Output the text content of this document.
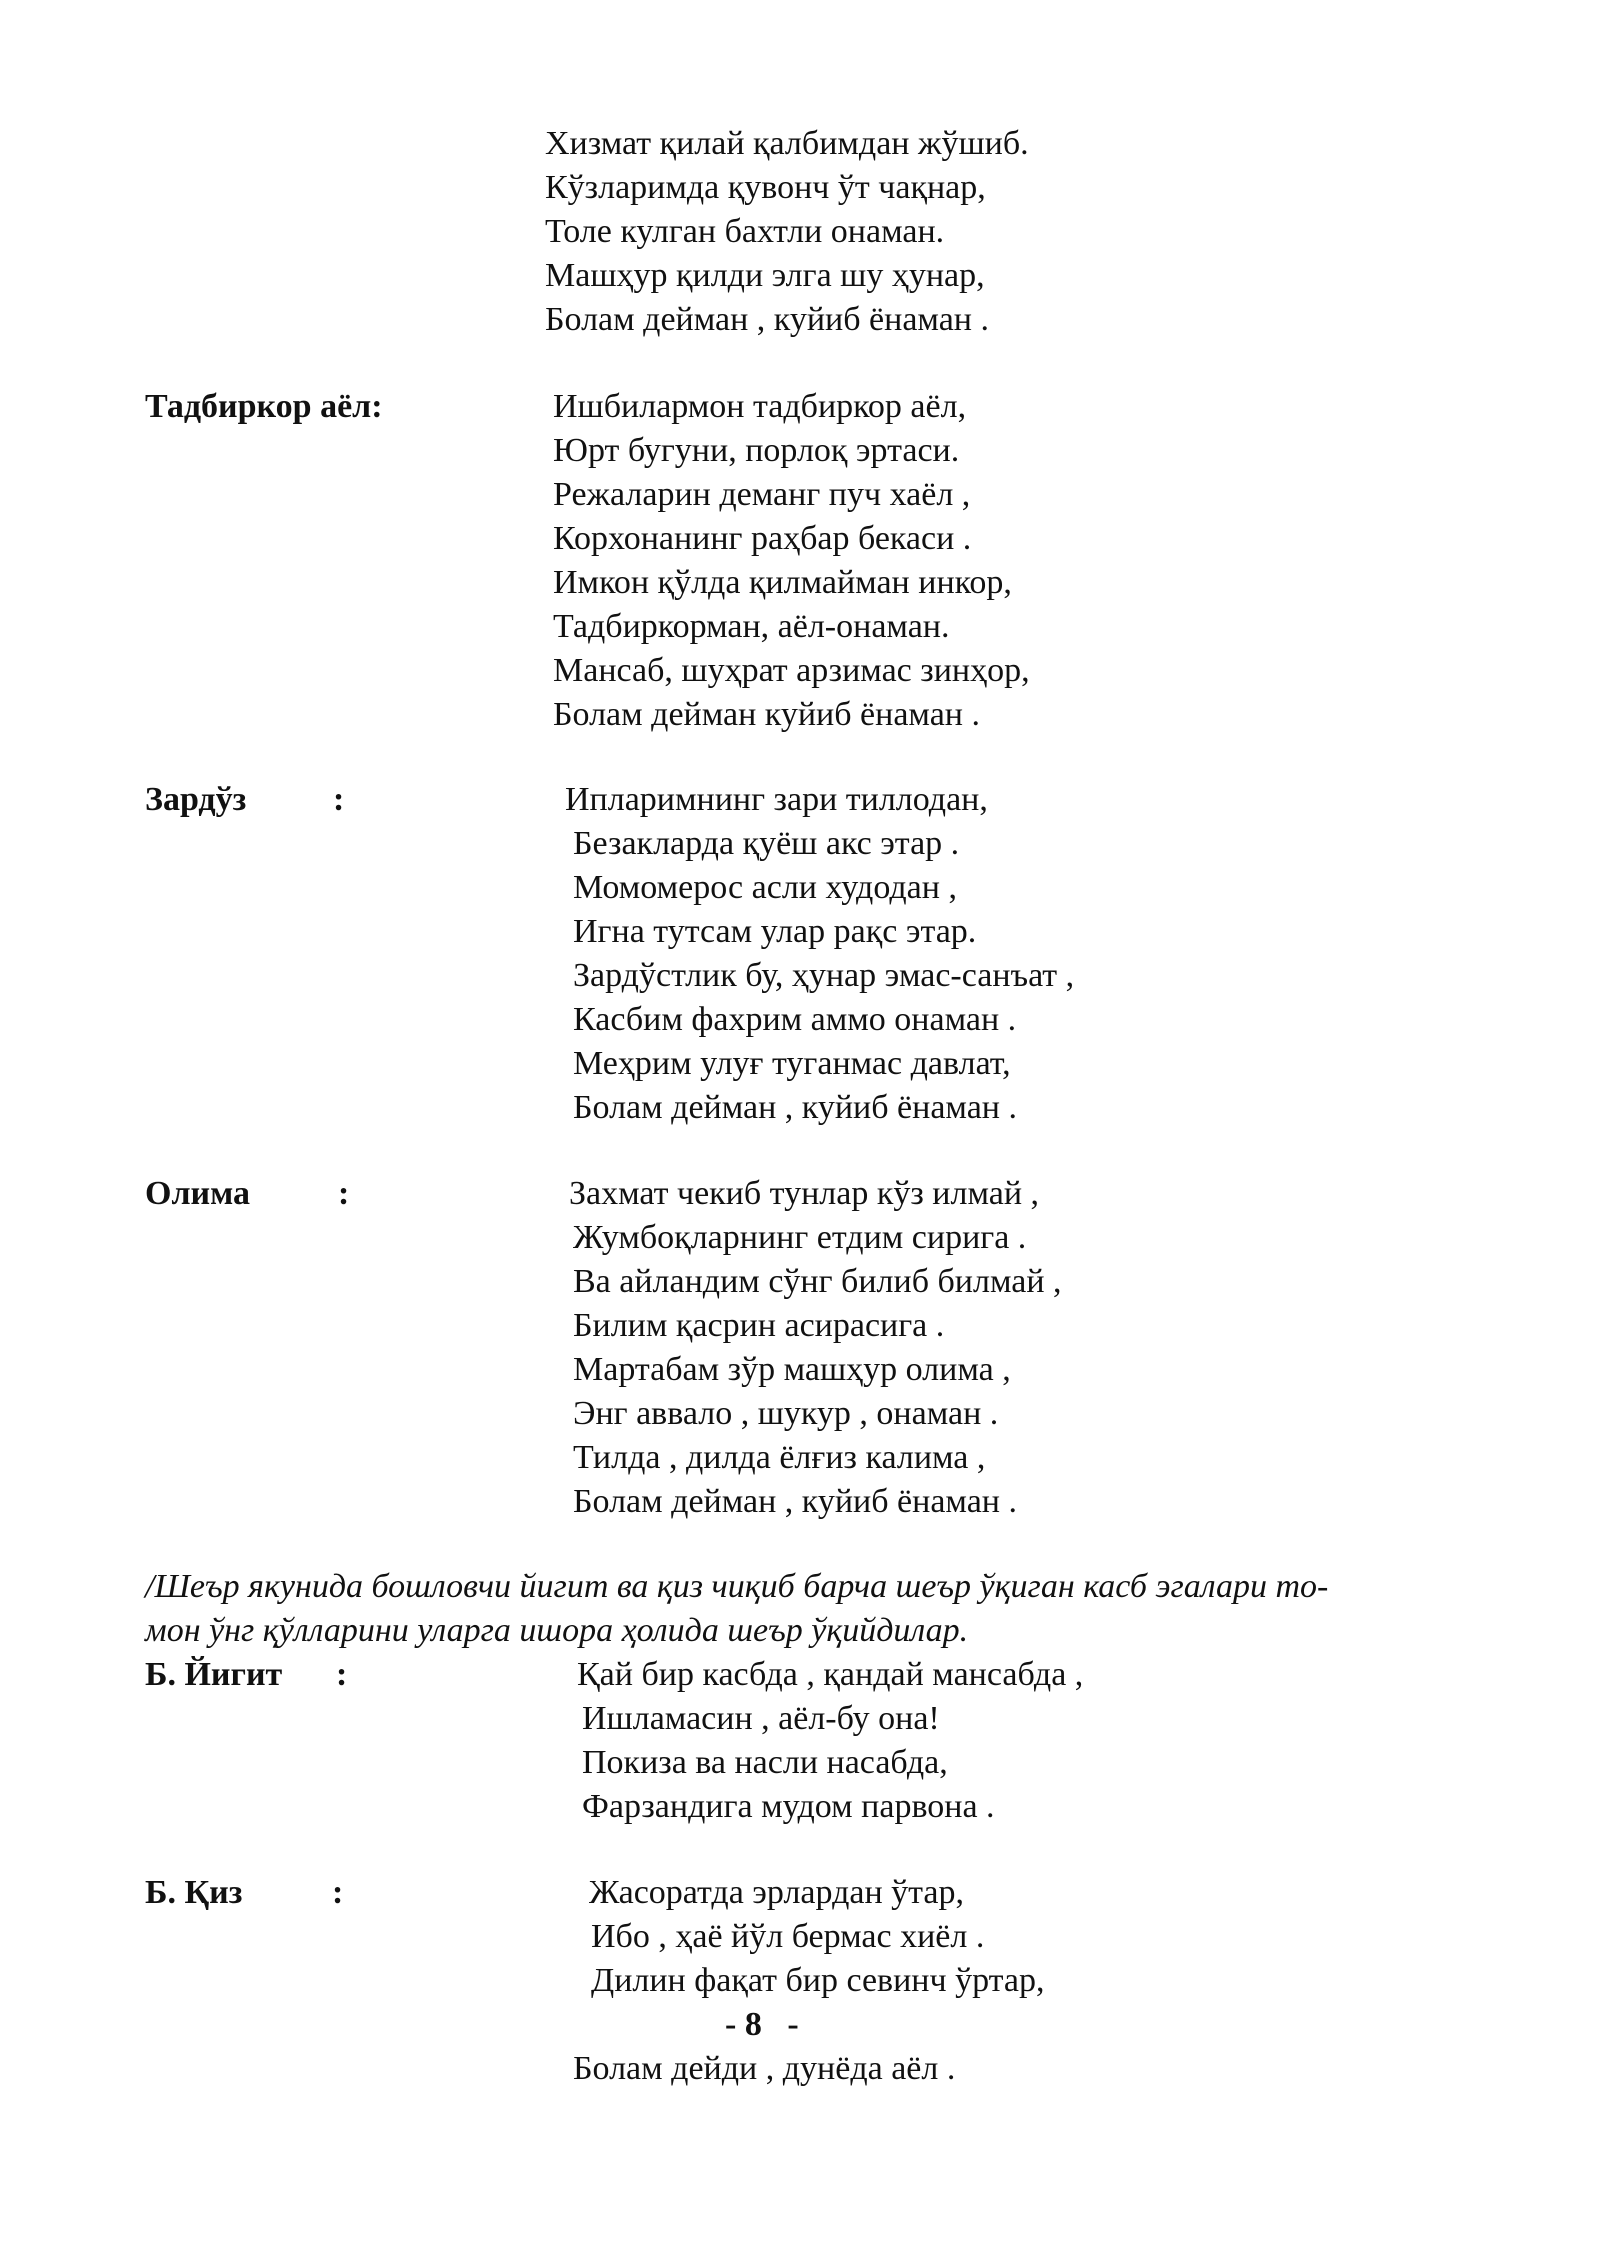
Хизмат қилай қалбимдан жўшиб.
Кўзларимда қувонч ўт чақнар,
Толе кулган бахтли онаман.
Машҳур қилди элга шу ҳунар,
Болам дейман , куйиб ёнаман .
Тадбиркор аёл:	Ишбилармон тадбиркор аёл,
Юрт бугуни, порлоқ эртаси.
Режаларин деманг пуч хаёл ,
Корхонанинг раҳбар бекаси .
Имкон қўлда қилмайман инкор,
Тадбиркорман, аёл-онаман.
Мансаб, шуҳрат арзимас зинҳор,
Болам дейман куйиб ёнаман .
Зардўз	:	Ипларимнинг зари тиллодан,
Безакларда қуёш акс этар .
Момомерос асли худодан ,
Игна тутсам улар рақс этар.
Зардўстлик бу, ҳунар эмас-санъат ,
Касбим фахрим аммо онаман .
Меҳрим улуғ туганмас давлат,
Болам дейман , куйиб ёнаман .
Олима	:	Захмат чекиб тунлар кўз илмай ,
Жумбоқларнинг етдим сирига .
Ва айландим сўнг билиб билмай ,
Билим қасрин асирасига .
Мартабам зўр машҳур олима ,
Энг аввало , шукур , онаман .
Тилда , дилда ёлғиз калима ,
Болам дейман , куйиб ёнаман .
/Шеър якунида бошловчи йигит ва қиз чиқиб барча шеър ўқиган касб эгалари то-
мон ўнг қўлларини уларга ишора ҳолида шеър ўқийдилар.
Б. Йигит :	Қай бир касбда , қандай мансабда ,
Ишламасин , аёл-бу она!
Покиза ва насли насабда,
Фарзандига мудом парвона .
Б. Қиз	:	Жасоратда эрлардан ўтар,
Ибо , ҳаё йўл бермас хиёл .
Дилин фақат бир севинч ўртар,
- 8   -
Болам дейди , дунёда аёл .
